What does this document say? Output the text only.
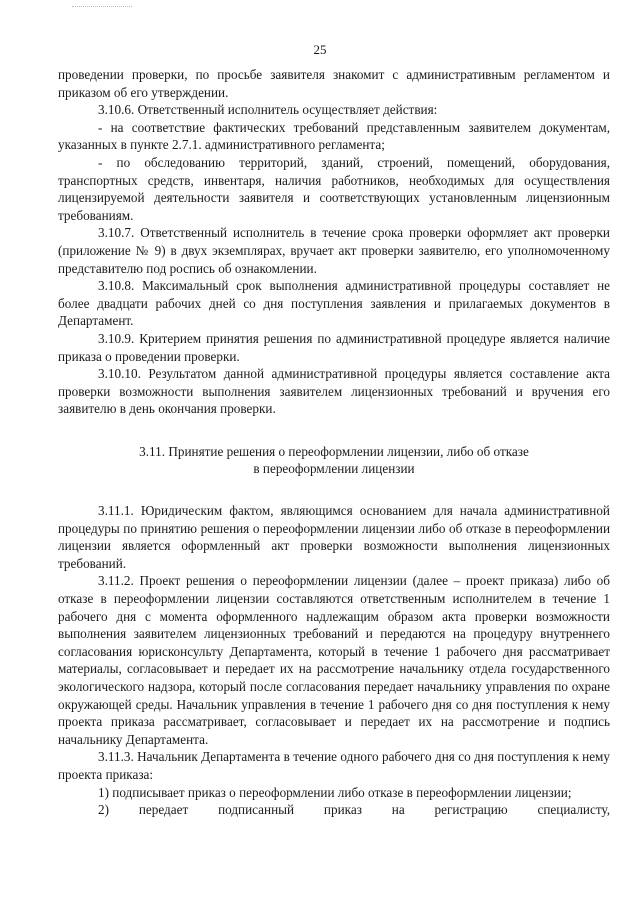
25

проведении проверки, по просьбе заявителя знакомит с административным регламентом и приказом об его утверждении.

3.10.6. Ответственный исполнитель осуществляет действия:

- на соответствие фактических требований представленным заявителем документам, указанных в пункте 2.7.1. административного регламента;

- по обследованию территорий, зданий, строений, помещений, оборудования, транспортных средств, инвентаря, наличия работников, необходимых для осуществления лицензируемой деятельности заявителя и соответствующих установленным лицензионным требованиям.

3.10.7. Ответственный исполнитель в течение срока проверки оформляет акт проверки (приложение № 9) в двух экземплярах, вручает акт проверки заявителю, его уполномоченному представителю под роспись об ознакомлении.

3.10.8. Максимальный срок выполнения административной процедуры составляет не более двадцати рабочих дней со дня поступления заявления и прилагаемых документов в Департамент.

3.10.9. Критерием принятия решения по административной процедуре является наличие приказа о проведении проверки.

3.10.10. Результатом данной административной процедуры является составление акта проверки возможности выполнения заявителем лицензионных требований и вручения его заявителю в день окончания проверки.

3.11. Принятие решения о переоформлении лицензии, либо об отказе
в переоформлении лицензии

3.11.1. Юридическим фактом, являющимся основанием для начала административной процедуры по принятию решения о переоформлении лицензии либо об отказе в переоформлении лицензии является оформленный акт проверки возможности выполнения лицензионных требований.

3.11.2. Проект решения о переоформлении лицензии (далее – проект приказа) либо об отказе в переоформлении лицензии составляются ответственным исполнителем в течение 1 рабочего дня с момента оформленного надлежащим образом акта проверки возможности выполнения заявителем лицензионных требований и передаются на процедуру внутреннего согласования юрисконсульту Департамента, который в течение 1 рабочего дня рассматривает материалы, согласовывает и передает их на рассмотрение начальнику отдела государственного экологического надзора, который после согласования передает начальнику управления по охране окружающей среды. Начальник управления в течение 1 рабочего дня со дня поступления к нему проекта приказа рассматривает, согласовывает и передает их на рассмотрение и подпись начальнику Департамента.

3.11.3. Начальник Департамента в течение одного рабочего дня со дня поступления к нему проекта приказа:

1) подписывает приказ о переоформлении либо отказе в переоформлении лицензии;

2) передает подписанный приказ на регистрацию специалисту,
